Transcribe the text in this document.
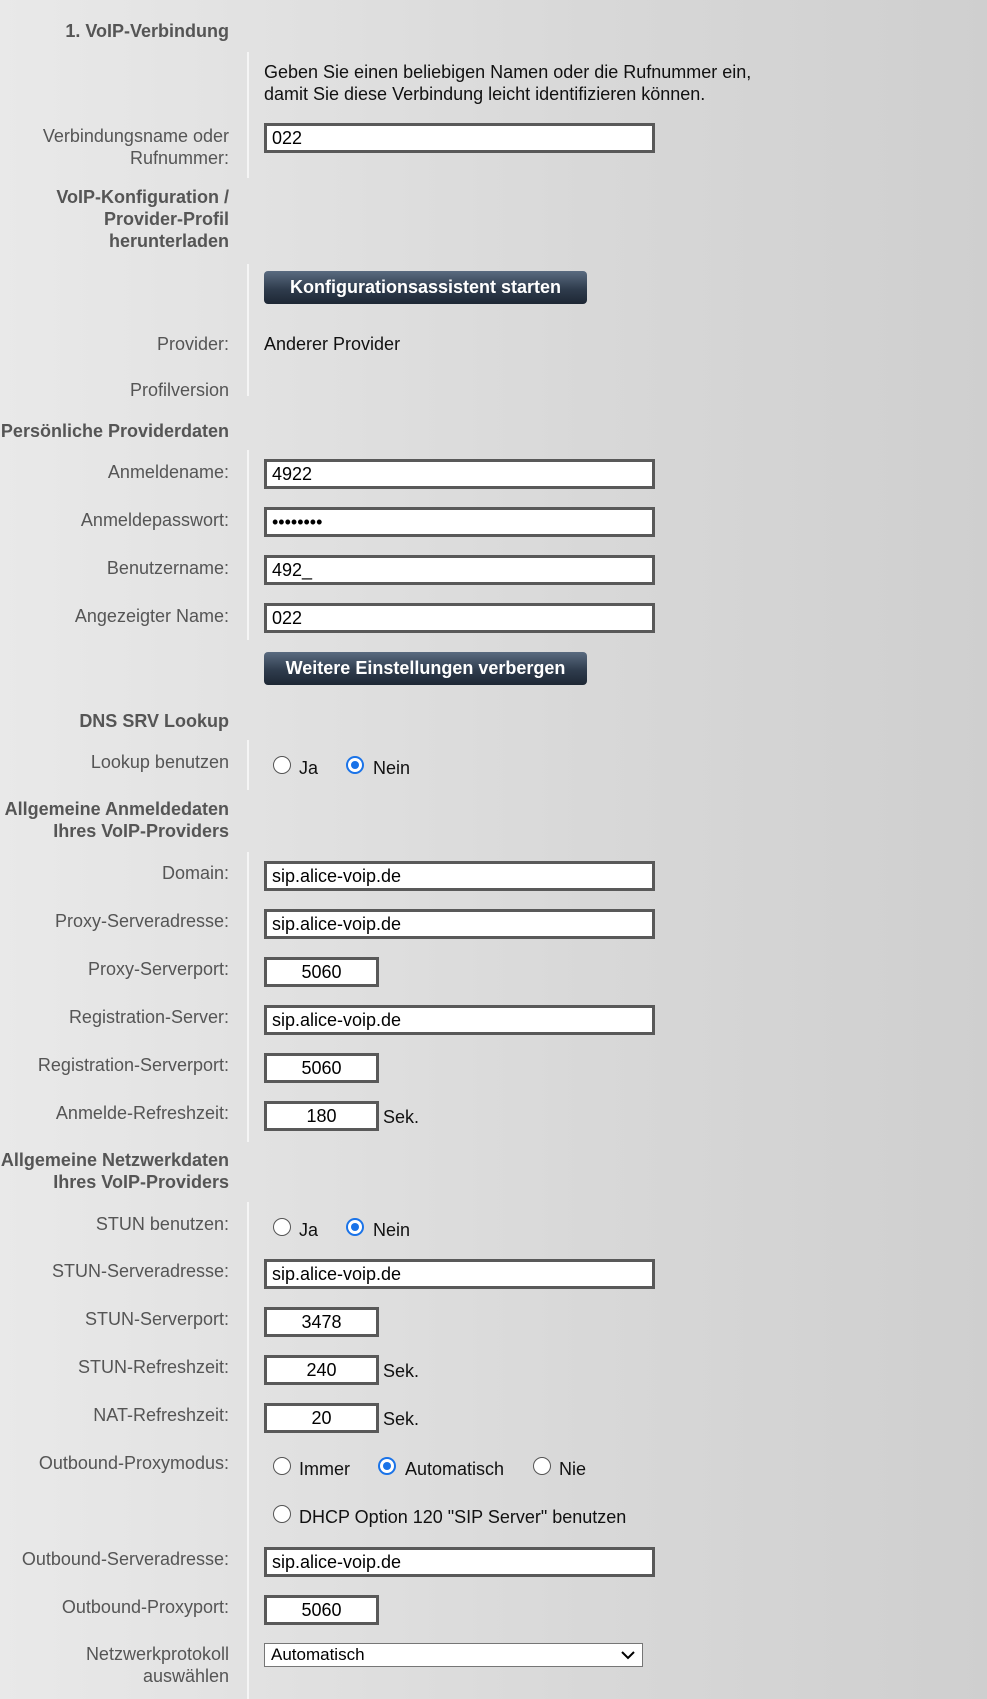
1. VoIP-Verbindung
Geben Sie einen beliebigen Namen oder die Rufnummer ein,
damit Sie diese Verbindung leicht identifizieren können.
Verbindungsname oder
Rufnummer:
022
VoIP-Konfiguration /
Provider-Profil
herunterladen
Konfigurationsassistent starten
Provider: Anderer Provider
Profilversion
Persönliche Providerdaten
Anmeldename:	4922
Anmeldepasswort:	••••••••
Benutzername:	492_
Angezeigter Name:	022
Weitere Einstellungen verbergen
DNS SRV Lookup
Lookup benutzen	Ja	Nein
Allgemeine Anmeldedaten
Ihres VoIP-Providers
Domain:	sip.alice-voip.de
Proxy-Serveradresse:	sip.alice-voip.de
Proxy-Serverport:	5060
Registration-Server:	sip.alice-voip.de
Registration-Serverport:	5060
Anmelde-Refreshzeit:	180	Sek.
Allgemeine Netzwerkdaten
Ihres VoIP-Providers
STUN benutzen:	Ja	Nein
STUN-Serveradresse:	sip.alice-voip.de
STUN-Serverport:	3478
STUN-Refreshzeit:	240	Sek.
NAT-Refreshzeit:	20	Sek.
Outbound-Proxymodus:	Immer	Automatisch	Nie
DHCP Option 120 "SIP Server" benutzen
Outbound-Serveradresse:	sip.alice-voip.de
Outbound-Proxyport:	5060
Netzwerkprotokoll
auswählen
Automatisch
